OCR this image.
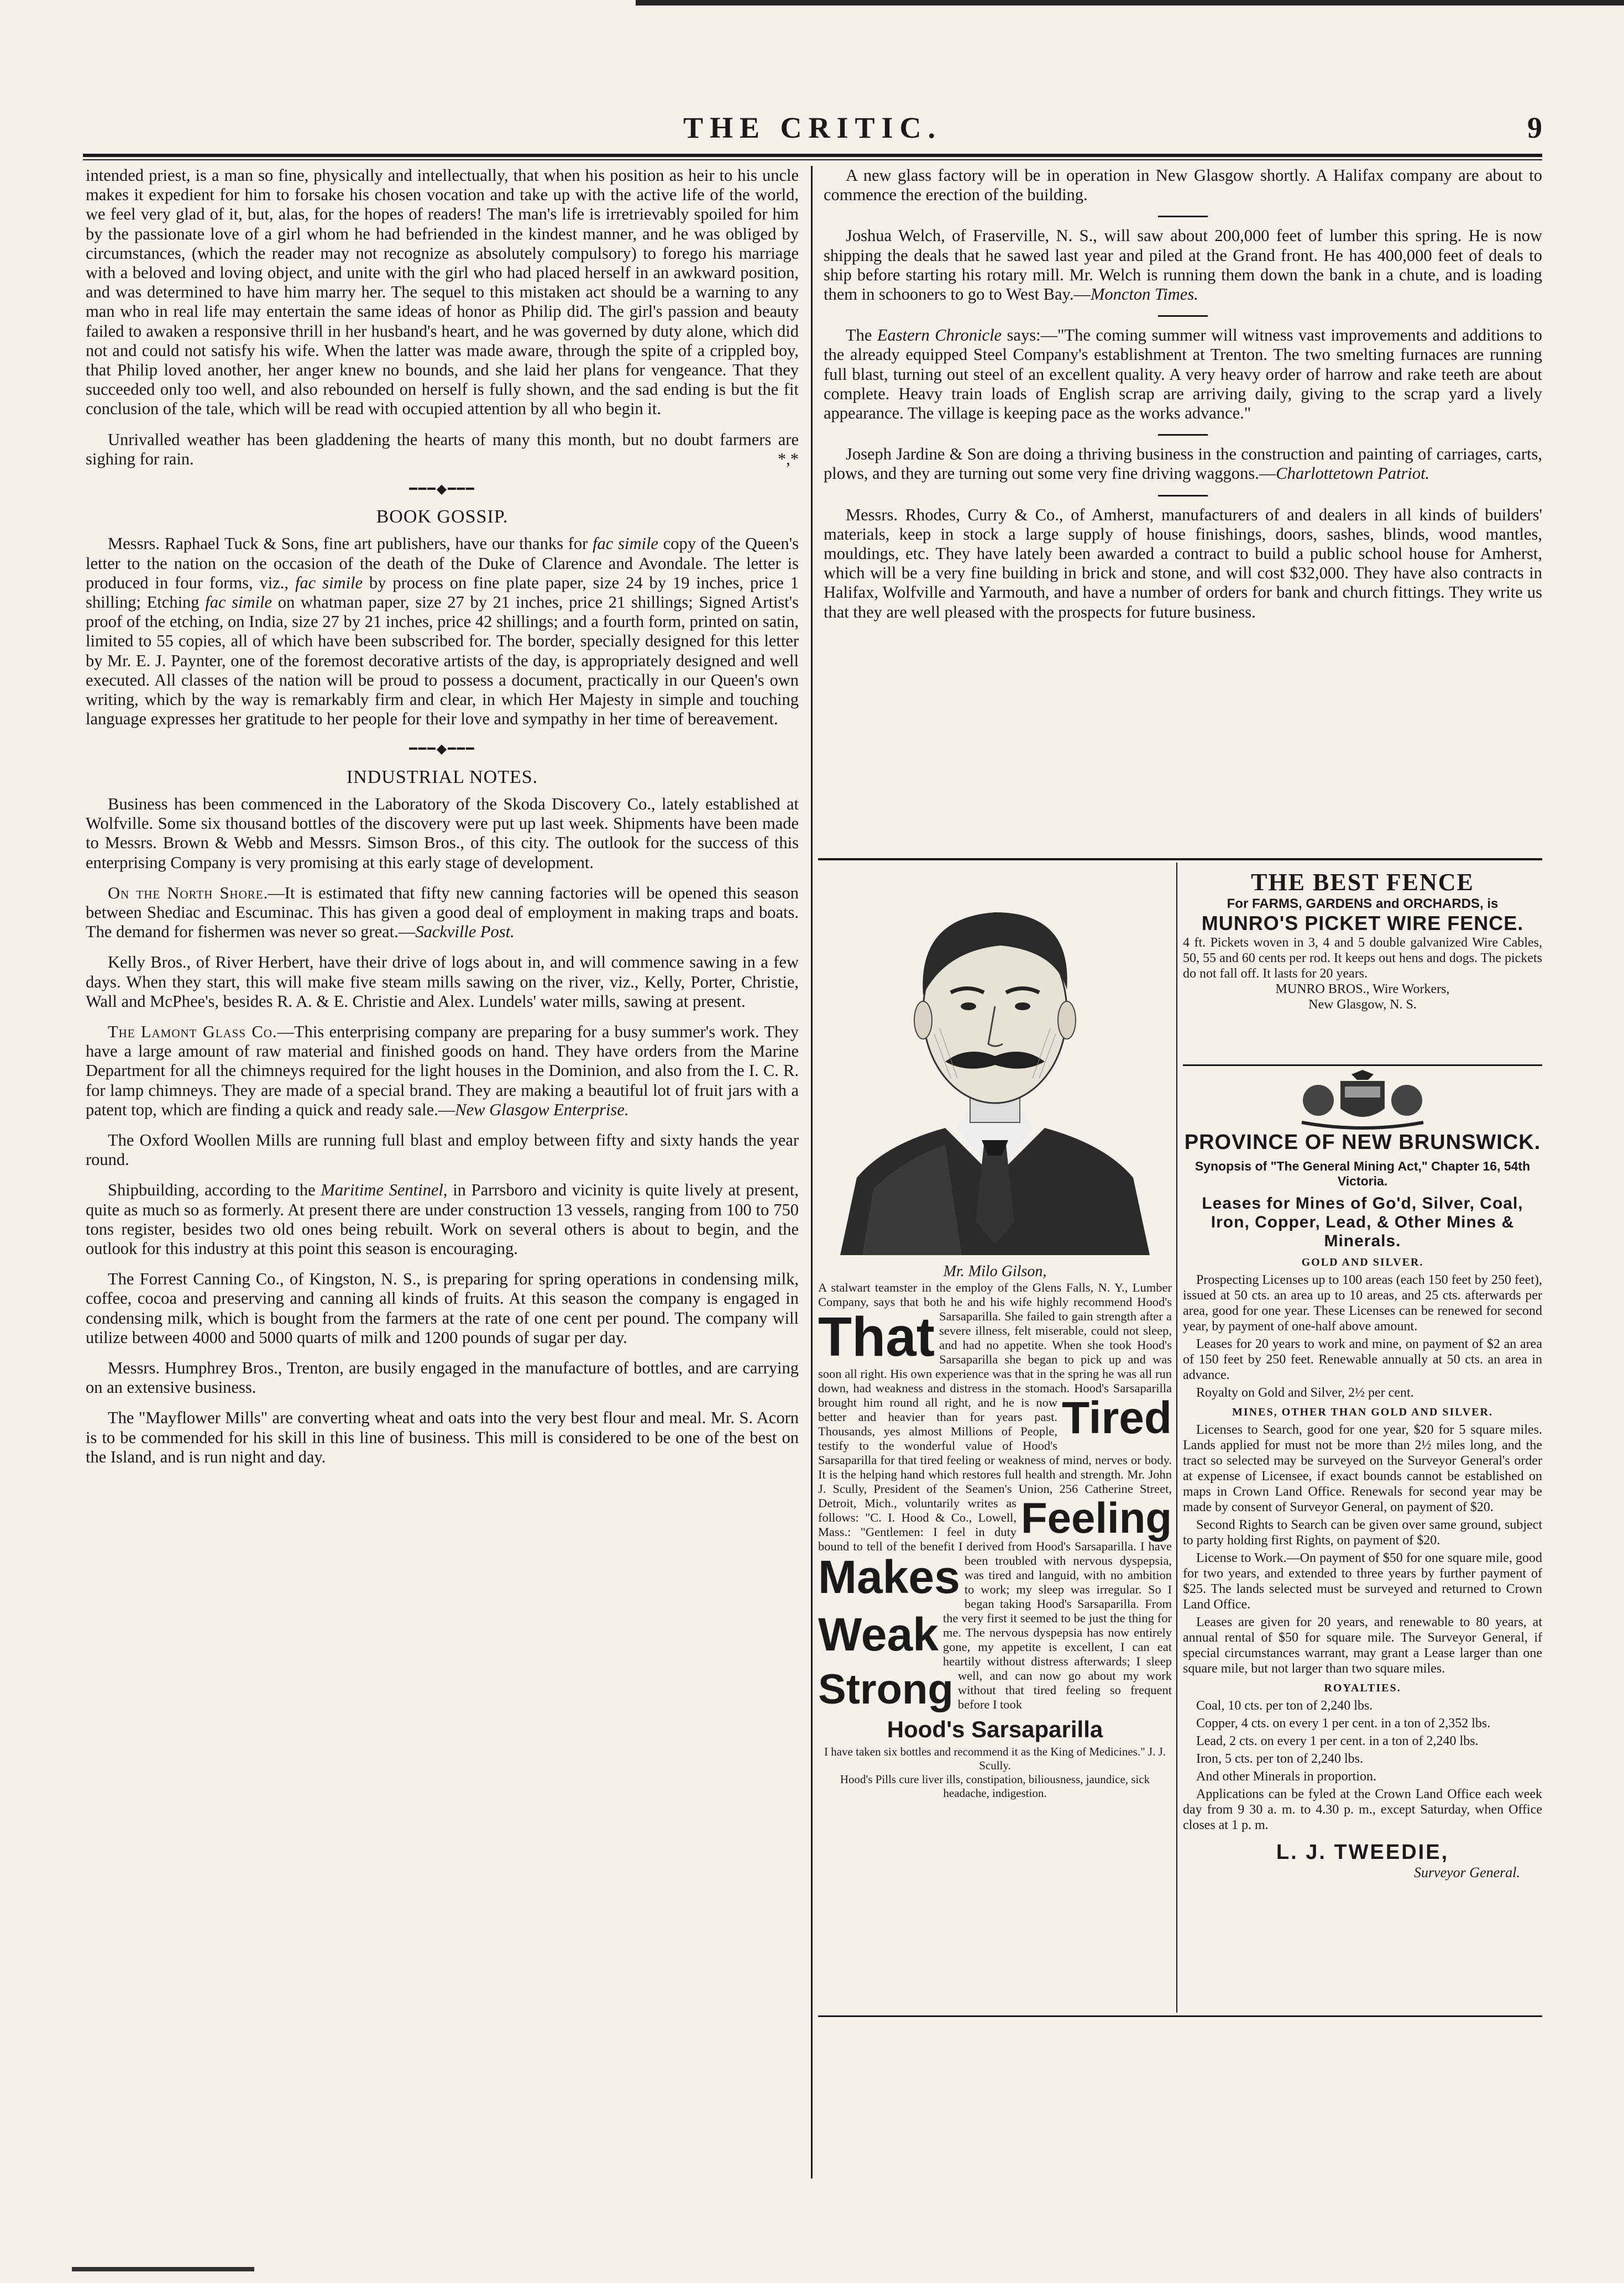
THE CRITIC.	9

intended priest, is a man so fine, physically and intellectually, that when his position as heir to his uncle makes it expedient for him to forsake his chosen vocation and take up with the active life of the world, we feel very glad of it, but, alas, for the hopes of readers! The man's life is irretrievably spoiled for him by the passionate love of a girl whom he had befriended in the kindest manner, and he was obliged by circumstances, (which the reader may not recognize as absolutely compulsory) to forego his marriage with a beloved and loving object, and unite with the girl who had placed herself in an awkward position, and was determined to have him marry her. The sequel to this mistaken act should be a warning to any man who in real life may entertain the same ideas of honor as Philip did. The girl's passion and beauty failed to awaken a responsive thrill in her husband's heart, and he was governed by duty alone, which did not and could not satisfy his wife. When the latter was made aware, through the spite of a crippled boy, that Philip loved another, her anger knew no bounds, and she laid her plans for vengeance. That they succeeded only too well, and also rebounded on herself is fully shown, and the sad ending is but the fit conclusion of the tale, which will be read with occupied attention by all who begin it.

Unrivalled weather has been gladdening the hearts of many this month, but no doubt farmers are sighing for rain.	*,*

━━━◆━━━
BOOK GOSSIP.

Messrs. Raphael Tuck & Sons, fine art publishers, have our thanks for fac simile copy of the Queen's letter to the nation on the occasion of the death of the Duke of Clarence and Avondale. The letter is produced in four forms, viz., fac simile by process on fine plate paper, size 24 by 19 inches, price 1 shilling; Etching fac simile on whatman paper, size 27 by 21 inches, price 21 shillings; Signed Artist's proof of the etching, on India, size 27 by 21 inches, price 42 shillings; and a fourth form, printed on satin, limited to 55 copies, all of which have been subscribed for. The border, specially designed for this letter by Mr. E. J. Paynter, one of the foremost decorative artists of the day, is appropriately designed and well executed. All classes of the nation will be proud to possess a document, practically in our Queen's own writing, which by the way is remarkably firm and clear, in which Her Majesty in simple and touching language expresses her gratitude to her people for their love and sympathy in her time of bereavement.

━━━◆━━━
INDUSTRIAL NOTES.

Business has been commenced in the Laboratory of the Skoda Discovery Co., lately established at Wolfville. Some six thousand bottles of the discovery were put up last week. Shipments have been made to Messrs. Brown & Webb and Messrs. Simson Bros., of this city. The outlook for the success of this enterprising Company is very promising at this early stage of development.

On the North Shore.—It is estimated that fifty new canning factories will be opened this season between Shediac and Escuminac. This has given a good deal of employment in making traps and boats. The demand for fishermen was never so great.—Sackville Post.

Kelly Bros., of River Herbert, have their drive of logs about in, and will commence sawing in a few days. When they start, this will make five steam mills sawing on the river, viz., Kelly, Porter, Christie, Wall and McPhee's, besides R. A. & E. Christie and Alex. Lundels' water mills, sawing at present.

The Lamont Glass Co.—This enterprising company are preparing for a busy summer's work. They have a large amount of raw material and finished goods on hand. They have orders from the Marine Department for all the chimneys required for the light houses in the Dominion, and also from the I. C. R. for lamp chimneys. They are made of a special brand. They are making a beautiful lot of fruit jars with a patent top, which are finding a quick and ready sale.—New Glasgow Enterprise.

The Oxford Woollen Mills are running full blast and employ between fifty and sixty hands the year round.

Shipbuilding, according to the Maritime Sentinel, in Parrsboro and vicinity is quite lively at present, quite as much so as formerly. At present there are under construction 13 vessels, ranging from 100 to 750 tons register, besides two old ones being rebuilt. Work on several others is about to begin, and the outlook for this industry at this point this season is encouraging.

The Forrest Canning Co., of Kingston, N. S., is preparing for spring operations in condensing milk, coffee, cocoa and preserving and canning all kinds of fruits. At this season the company is engaged in condensing milk, which is bought from the farmers at the rate of one cent per pound. The company will utilize between 4000 and 5000 quarts of milk and 1200 pounds of sugar per day.

Messrs. Humphrey Bros., Trenton, are busily engaged in the manufacture of bottles, and are carrying on an extensive business.

The "Mayflower Mills" are converting wheat and oats into the very best flour and meal. Mr. S. Acorn is to be commended for his skill in this line of business. This mill is considered to be one of the best on the Island, and is run night and day.

A new glass factory will be in operation in New Glasgow shortly. A Halifax company are about to commence the erection of the building.

Joshua Welch, of Fraserville, N. S., will saw about 200,000 feet of lumber this spring. He is now shipping the deals that he sawed last year and piled at the Grand front. He has 400,000 feet of deals to ship before starting his rotary mill. Mr. Welch is running them down the bank in a chute, and is loading them in schooners to go to West Bay.—Moncton Times.

The Eastern Chronicle says:—"The coming summer will witness vast improvements and additions to the already equipped Steel Company's establishment at Trenton. The two smelting furnaces are running full blast, turning out steel of an excellent quality. A very heavy order of harrow and rake teeth are about complete. Heavy train loads of English scrap are arriving daily, giving to the scrap yard a lively appearance. The village is keeping pace as the works advance."

Joseph Jardine & Son are doing a thriving business in the construction and painting of carriages, carts, plows, and they are turning out some very fine driving waggons.—Charlottetown Patriot.

Messrs. Rhodes, Curry & Co., of Amherst, manufacturers of and dealers in all kinds of builders' materials, keep in stock a large supply of house finishings, doors, sashes, blinds, wood mantles, mouldings, etc. They have lately been awarded a contract to build a public school house for Amherst, which will be a very fine building in brick and stone, and will cost $32,000. They have also contracts in Halifax, Wolfville and Yarmouth, and have a number of orders for bank and church fittings. They write us that they are well pleased with the prospects for future business.

Mr. Milo Gilson,
A stalwart teamster in the employ of the Glens Falls, N. Y., Lumber Company, says that both he and his wife highly recommend Hood's Sarsaparilla. She
That	failed to gain strength after a severe illness, felt miserable, could not sleep, and had no appetite. When she took Hood's Sarsaparilla she began to pick up and was soon all right. His own experience was that in the spring he was all run down, had weakness and distress in the stomach. Hood's Sarsaparilla brought him	Tired
round all right, and he is now better and heavier than for years past. Thousands, yes almost Millions of People, testify to the wonderful value of Hood's Sarsaparilla for that tired feeling or weakness of mind, nerves or body. It is the helping hand which restores full health and strength. Mr. John J. Scully, President of the Seamen's Union, 256 Catherine Street, Detroit,	Feeling
Mich., voluntarily writes as follows: "C. I. Hood & Co., Lowell, Mass.: "Gentlemen: I feel in duty bound to tell of the benefit I derived from Hood's
Makes
Sarsaparilla. I have been troubled with nervous dyspepsia, was tired and languid, with no ambition to work; my sleep was irregular. So I began taking Hood's Sarsaparilla. From the very first
Weak	it seemed to be just the thing for me. The nervous dyspepsia has now entirely gone, my appetite is excellent, I can eat heartily without distress afterwards; I sleep well,
Strong	and can now go about my work without that tired feeling so frequent before I took
Hood's Sarsaparilla
I have taken six bottles and recommend it as the King of Medicines." J. J. Scully.
Hood's Pills cure liver ills, constipation, biliousness, jaundice, sick headache, indigestion.
THE BEST FENCE
For FARMS, GARDENS and ORCHARDS, is
MUNRO'S PICKET WIRE FENCE.
4 ft. Pickets woven in 3, 4 and 5 double galvanized Wire Cables, 50, 55 and 60 cents per rod. It keeps out hens and dogs. The pickets do not fall off. It lasts for 20 years.
MUNRO BROS., Wire Workers,
New Glasgow, N. S.
PROVINCE OF NEW BRUNSWICK.
Synopsis of "The General Mining Act," Chapter 16, 54th Victoria.
Leases for Mines of Go'd, Silver, Coal, Iron, Copper, Lead, & Other Mines & Minerals.
GOLD AND SILVER.

Prospecting Licenses up to 100 areas (each 150 feet by 250 feet), issued at 50 cts. an area up to 10 areas, and 25 cts. afterwards per area, good for one year. These Licenses can be renewed for second year, by payment of one-half above amount.

Leases for 20 years to work and mine, on payment of $2 an area of 150 feet by 250 feet. Renewable annually at 50 cts. an area in advance.

Royalty on Gold and Silver, 2½ per cent.

MINES, OTHER THAN GOLD AND SILVER.

Licenses to Search, good for one year, $20 for 5 square miles. Lands applied for must not be more than 2½ miles long, and the tract so selected may be surveyed on the Surveyor General's order at expense of Licensee, if exact bounds cannot be established on maps in Crown Land Office. Renewals for second year may be made by consent of Surveyor General, on payment of $20.

Second Rights to Search can be given over same ground, subject to party holding first Rights, on payment of $20.

License to Work.—On payment of $50 for one square mile, good for two years, and extended to three years by further payment of $25. The lands selected must be surveyed and returned to Crown Land Office.

Leases are given for 20 years, and renewable to 80 years, at annual rental of $50 for square mile. The Surveyor General, if special circumstances warrant, may grant a Lease larger than one square mile, but not larger than two square miles.

ROYALTIES.

Coal, 10 cts. per ton of 2,240 lbs.

Copper, 4 cts. on every 1 per cent. in a ton of 2,352 lbs.

Lead, 2 cts. on every 1 per cent. in a ton of 2,240 lbs.

Iron, 5 cts. per ton of 2,240 lbs.

And other Minerals in proportion.

Applications can be fyled at the Crown Land Office each week day from 9 30 a. m. to 4.30 p. m., except Saturday, when Office closes at 1 p. m.

L. J. TWEEDIE,
Surveyor General.
